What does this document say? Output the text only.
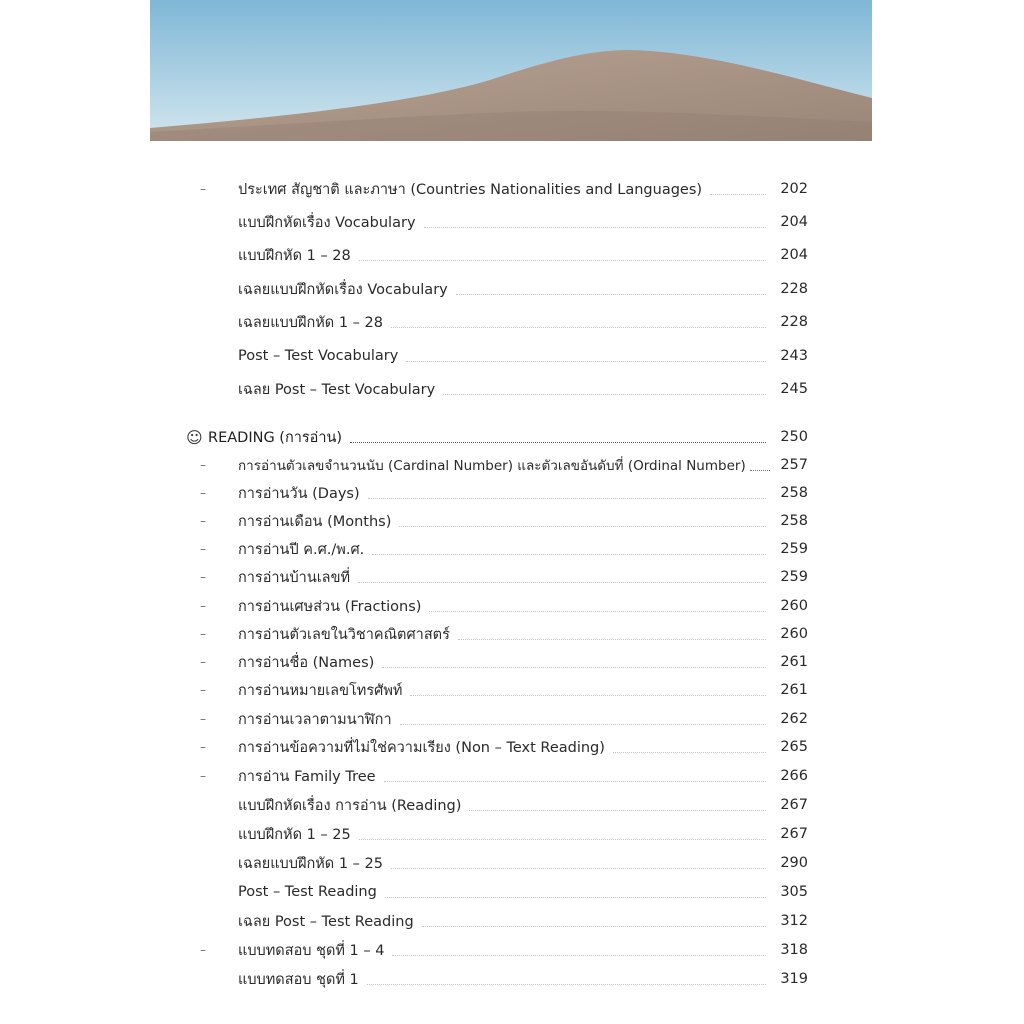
–	ประเทศ สัญชาติ และภาษา (Countries Nationalities and Languages)	202
แบบฝึกหัดเรื่อง Vocabulary	204
แบบฝึกหัด 1 – 28	204
เฉลยแบบฝึกหัดเรื่อง Vocabulary	228
เฉลยแบบฝึกหัด 1 – 28	228
Post – Test Vocabulary	243
เฉลย Post – Test Vocabulary	245
☺ READING (การอ่าน)	250
–	การอ่านตัวเลขจำนวนนับ (Cardinal Number) และตัวเลขอันดับที่ (Ordinal Number)	257
–	การอ่านวัน (Days)	258
–	การอ่านเดือน (Months)	258
–	การอ่านปี ค.ศ./พ.ศ.	259
–	การอ่านบ้านเลขที่	259
–	การอ่านเศษส่วน (Fractions)	260
–	การอ่านตัวเลขในวิชาคณิตศาสตร์	260
–	การอ่านชื่อ (Names)	261
–	การอ่านหมายเลขโทรศัพท์	261
–	การอ่านเวลาตามนาฬิกา	262
–	การอ่านข้อความที่ไม่ใช่ความเรียง (Non – Text Reading)	265
–	การอ่าน Family Tree	266
แบบฝึกหัดเรื่อง การอ่าน (Reading)	267
แบบฝึกหัด 1 – 25	267
เฉลยแบบฝึกหัด 1 – 25	290
Post – Test Reading	305
เฉลย Post – Test Reading	312
–	แบบทดสอบ ชุดที่ 1 – 4	318
แบบทดสอบ ชุดที่ 1	319
